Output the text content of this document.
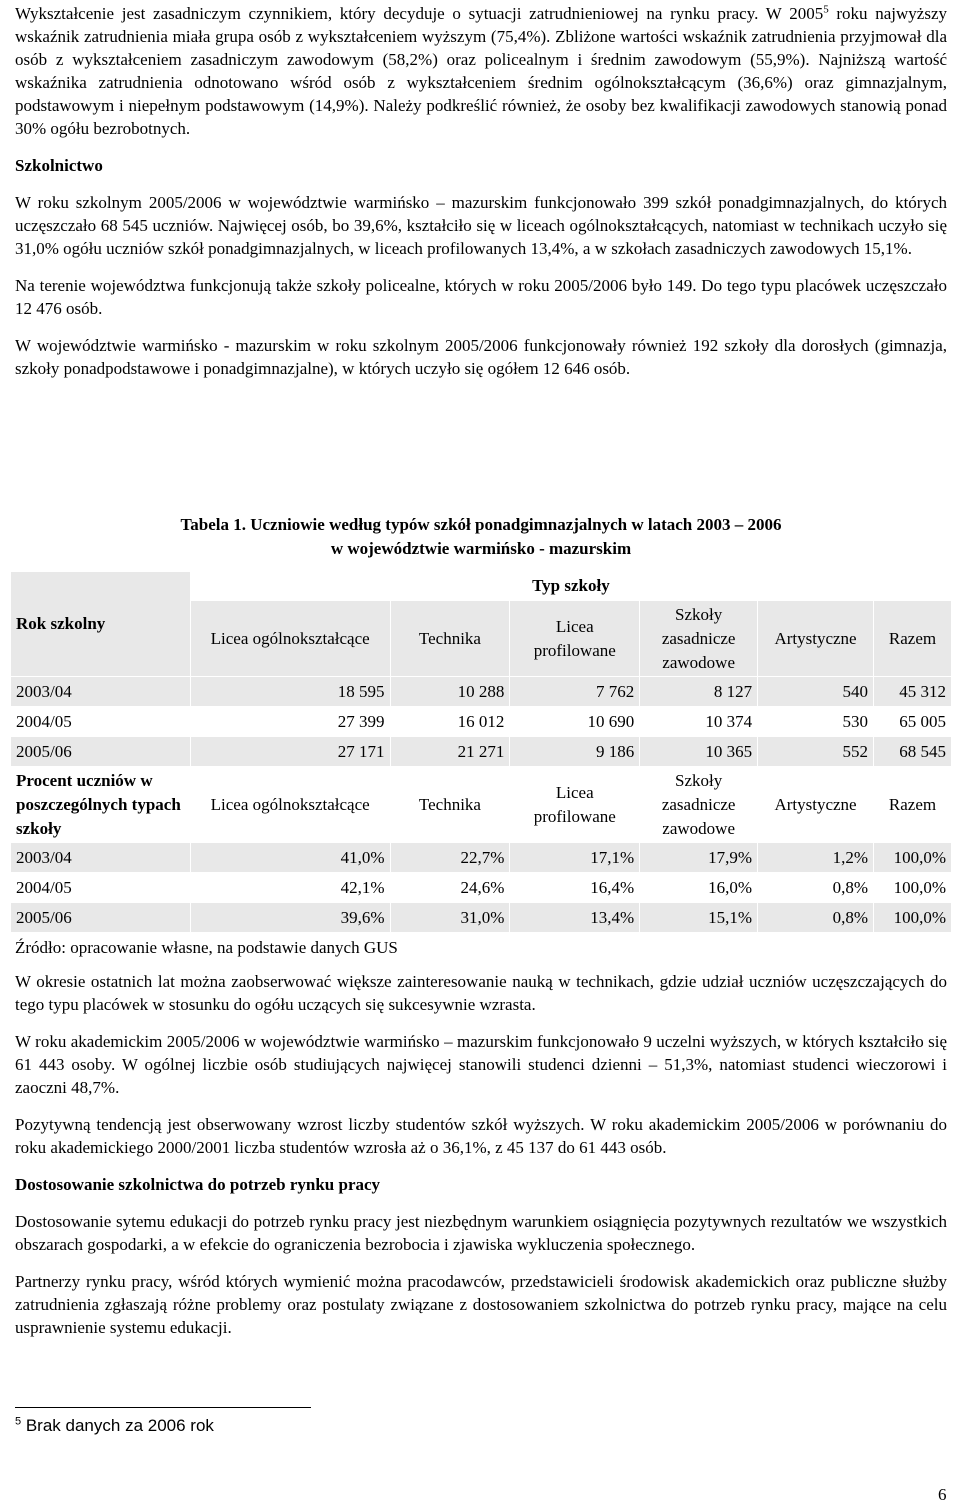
Wykształcenie jest zasadniczym czynnikiem, który decyduje o sytuacji zatrudnieniowej na rynku pracy. W 2005$^5$ roku najwyższy wskaźnik zatrudnienia miała grupa osób z wykształceniem wyższym (75,4%). Zbliżone wartości wskaźnik zatrudnienia przyjmował dla osób z wykształceniem zasadniczym zawodowym (58,2%) oraz policealnym i średnim zawodowym (55,9%). Najniższą wartość wskaźnika zatrudnienia odnotowano wśród osób z wykształceniem średnim ogólnokształcącym (36,6%) oraz gimnazjalnym, podstawowym i niepełnym podstawowym (14,9%). Należy podkreślić również, że osoby bez kwalifikacji zawodowych stanowią ponad 30% ogółu bezrobotnych.

Szkolnictwo

W roku szkolnym 2005/2006 w województwie warmińsko – mazurskim funkcjonowało 399 szkół ponadgimnazjalnych, do których uczęszczało 68 545 uczniów. Najwięcej osób, bo 39,6%, kształciło się w liceach ogólnokształcących, natomiast w technikach uczyło się 31,0% ogółu uczniów szkół ponadgimnazjalnych, w liceach profilowanych 13,4%, a w szkołach zasadniczych zawodowych 15,1%.

Na terenie województwa funkcjonują także szkoły policealne, których w roku 2005/2006 było 149. Do tego typu placówek uczęszczało 12 476 osób.

W województwie warmińsko - mazurskim w roku szkolnym 2005/2006 funkcjonowały również 192 szkoły dla dorosłych (gimnazja, szkoły ponadpodstawowe i ponadgimnazjalne), w których uczyło się ogółem 12 646 osób.

Tabela 1. Uczniowie według typów szkół ponadgimnazjalnych w latach 2003 – 2006
w województwie warmińsko - mazurskim
Rok szkolny	Typ szkoły					
	Licea ogólnokształcące	Technika	Licea profilowane	Szkoły zasadnicze zawodowe	Artystyczne	Razem
2003/04	18 595	10 288	7 762	8 127	540	45 312
2004/05	27 399	16 012	10 690	10 374	530	65 005
2005/06	27 171	21 271	9 186	10 365	552	68 545
Procent uczniów w poszczególnych typach szkoły	Licea ogólnokształcące	Technika	Licea profilowane	Szkoły zasadnicze zawodowe	Artystyczne	Razem
2003/04	41,0%	22,7%	17,1%	17,9%	1,2%	100,0%
2004/05	42,1%	24,6%	16,4%	16,0%	0,8%	100,0%
2005/06	39,6%	31,0%	13,4%	15,1%	0,8%	100,0%
Źródło: opracowanie własne, na podstawie danych GUS

W okresie ostatnich lat można zaobserwować większe zainteresowanie nauką w technikach, gdzie udział uczniów uczęszczających do tego typu placówek w stosunku do ogółu uczących się sukcesywnie wzrasta.

W roku akademickim 2005/2006 w województwie warmińsko – mazurskim funkcjonowało 9 uczelni wyższych, w których kształciło się 61 443 osoby. W ogólnej liczbie osób studiujących najwięcej stanowili studenci dzienni – 51,3%, natomiast studenci wieczorowi i zaoczni 48,7%.

Pozytywną tendencją jest obserwowany wzrost liczby studentów szkół wyższych. W roku akademickim 2005/2006 w porównaniu do roku akademickiego 2000/2001 liczba studentów wzrosła aż o 36,1%, z 45 137 do 61 443 osób.

Dostosowanie szkolnictwa do potrzeb rynku pracy

Dostosowanie sytemu edukacji do potrzeb rynku pracy jest niezbędnym warunkiem osiągnięcia pozytywnych rezultatów we wszystkich obszarach gospodarki, a w efekcie do ograniczenia bezrobocia i zjawiska wykluczenia społecznego.

Partnerzy rynku pracy, wśród których wymienić można pracodawców, przedstawicieli środowisk akademickich oraz publiczne służby zatrudnienia zgłaszają różne problemy oraz postulaty związane z dostosowaniem szkolnictwa do potrzeb rynku pracy, mające na celu usprawnienie systemu edukacji.

$^5$ Brak danych za 2006 rok
6
